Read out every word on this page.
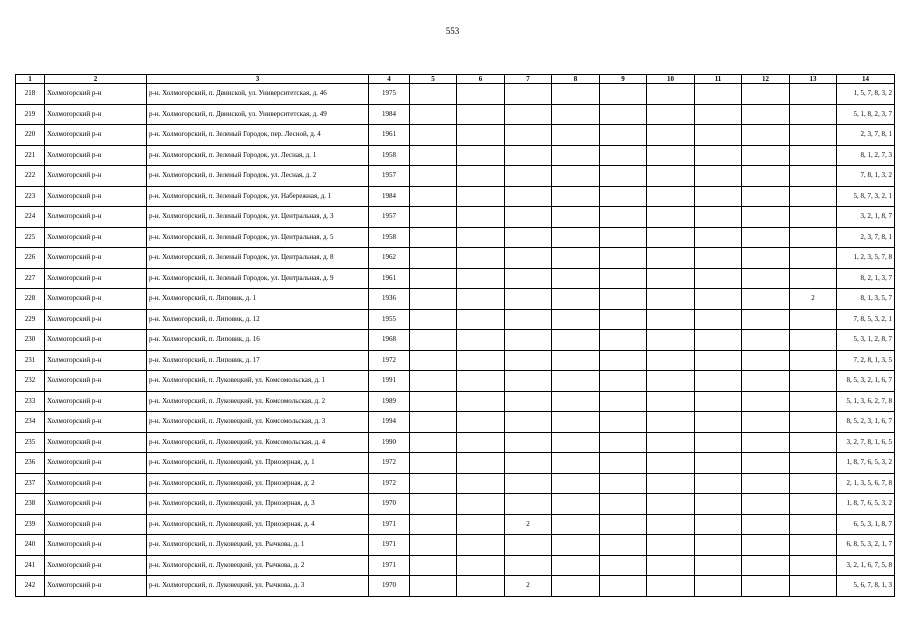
553
1	2	3	4	5	6	7	8	9	10	11	12	13	14
218	Холмогорский р-н	р-н. Холмогорский, п. Двинской, ул. Университетская, д. 46	1975										1, 5, 7, 8, 3, 2
219	Холмогорский р-н	р-н. Холмогорский, п. Двинской, ул. Университетская, д. 49	1984										5, 1, 8, 2, 3, 7
220	Холмогорский р-н	р-н. Холмогорский, п. Зеленый Городок, пер. Лесной, д. 4	1961										2, 3, 7, 8, 1
221	Холмогорский р-н	р-н. Холмогорский, п. Зеленый Городок, ул. Лесная, д. 1	1958										8, 1, 2, 7, 3
222	Холмогорский р-н	р-н. Холмогорский, п. Зеленый Городок, ул. Лесная, д. 2	1957										7, 8, 1, 3, 2
223	Холмогорский р-н	р-н. Холмогорский, п. Зеленый Городок, ул. Набережная, д. 1	1984										5, 8, 7, 3, 2, 1
224	Холмогорский р-н	р-н. Холмогорский, п. Зеленый Городок, ул. Центральная, д. 3	1957										3, 2, 1, 8, 7
225	Холмогорский р-н	р-н. Холмогорский, п. Зеленый Городок, ул. Центральная, д. 5	1958										2, 3, 7, 8, 1
226	Холмогорский р-н	р-н. Холмогорский, п. Зеленый Городок, ул. Центральная, д. 8	1962										1, 2, 3, 5, 7, 8
227	Холмогорский р-н	р-н. Холмогорский, п. Зеленый Городок, ул. Центральная, д. 9	1961										8, 2, 1, 3, 7
228	Холмогорский р-н	р-н. Холмогорский, п. Липовик, д. 1	1936									2	8, 1, 3, 5, 7
229	Холмогорский р-н	р-н. Холмогорский, п. Липовик, д. 12	1955										7, 8, 5, 3, 2, 1
230	Холмогорский р-н	р-н. Холмогорский, п. Липовик, д. 16	1968										5, 3, 1, 2, 8, 7
231	Холмогорский р-н	р-н. Холмогорский, п. Липовик, д. 17	1972										7, 2, 8, 1, 3, 5
232	Холмогорский р-н	р-н. Холмогорский, п. Луковецкий, ул. Комсомольская, д. 1	1991										8, 5, 3, 2, 1, 6, 7
233	Холмогорский р-н	р-н. Холмогорский, п. Луковецкий, ул. Комсомольская, д. 2	1989										5, 1, 3, 6, 2, 7, 8
234	Холмогорский р-н	р-н. Холмогорский, п. Луковецкий, ул. Комсомольская, д. 3	1994										8, 5, 2, 3, 1, 6, 7
235	Холмогорский р-н	р-н. Холмогорский, п. Луковецкий, ул. Комсомольская, д. 4	1990										3, 2, 7, 8, 1, 6, 5
236	Холмогорский р-н	р-н. Холмогорский, п. Луковецкий, ул. Приозерная, д. 1	1972										1, 8, 7, 6, 5, 3, 2
237	Холмогорский р-н	р-н. Холмогорский, п. Луковецкий, ул. Приозерная, д. 2	1972										2, 1, 3, 5, 6, 7, 8
238	Холмогорский р-н	р-н. Холмогорский, п. Луковецкий, ул. Приозерная, д. 3	1970										1, 8, 7, 6, 5, 3, 2
239	Холмогорский р-н	р-н. Холмогорский, п. Луковецкий, ул. Приозерная, д. 4	1971			2							6, 5, 3, 1, 8, 7
240	Холмогорский р-н	р-н. Холмогорский, п. Луковецкий, ул. Рычкова, д. 1	1971										6, 8, 5, 3, 2, 1, 7
241	Холмогорский р-н	р-н. Холмогорский, п. Луковецкий, ул. Рычкова, д. 2	1971										3, 2, 1, 6, 7, 5, 8
242	Холмогорский р-н	р-н. Холмогорский, п. Луковецкий, ул. Рычкова, д. 3	1970			2							5, 6, 7, 8, 1, 3
